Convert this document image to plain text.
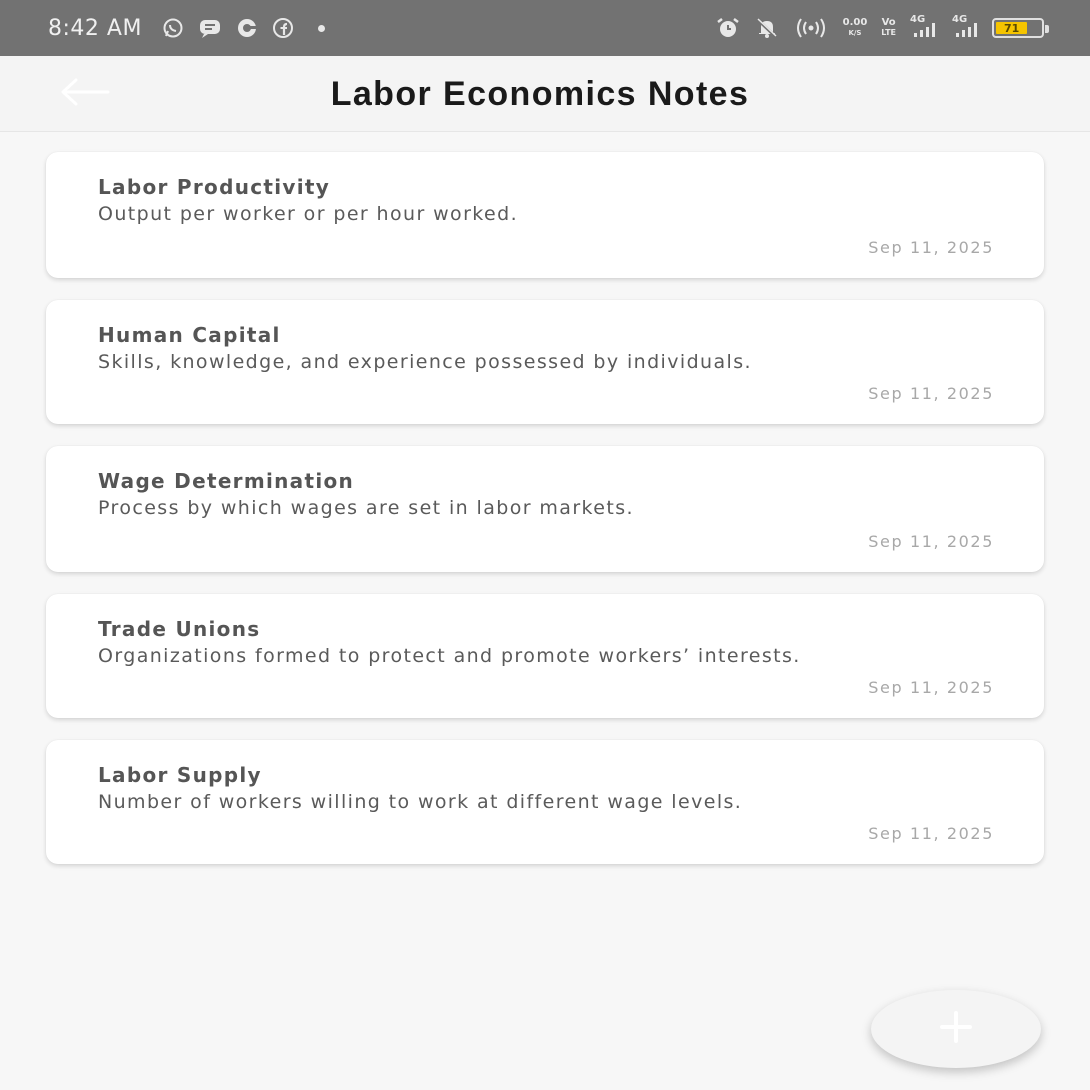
8:42 AM	0.00
K/S
Vo
LTE
4G	4G
71
Labor Economics Notes
Labor Productivity
Output per worker or per hour worked.
Sep 11, 2025
Human Capital
Skills, knowledge, and experience possessed by individuals.
Sep 11, 2025
Wage Determination
Process by which wages are set in labor markets.
Sep 11, 2025
Trade Unions
Organizations formed to protect and promote workers’ interests.
Sep 11, 2025
Labor Supply
Number of workers willing to work at different wage levels.
Sep 11, 2025
